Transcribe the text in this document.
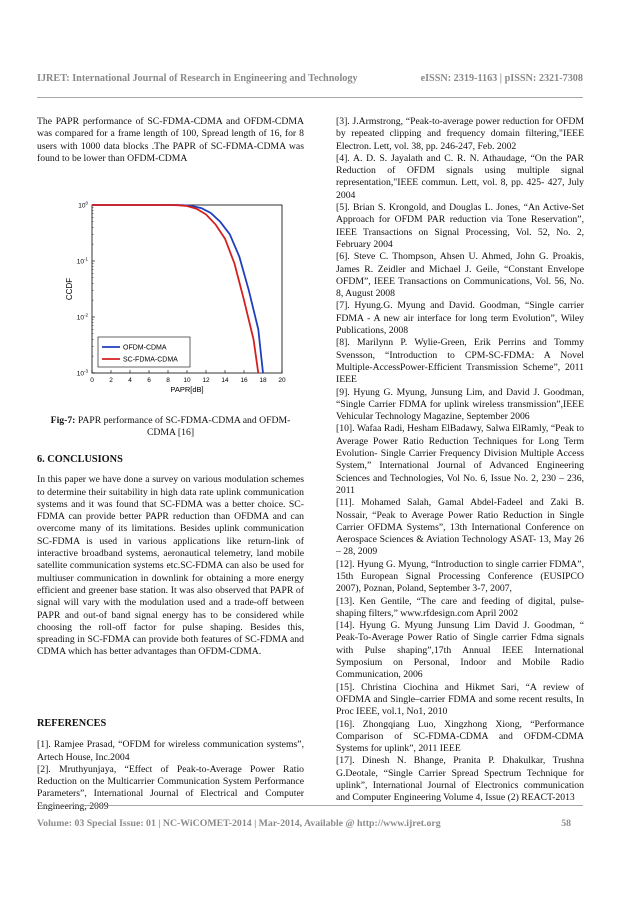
IJRET: International Journal of Research in Engineering and Technology	eISSN: 2319-1163 | pISSN: 2321-7308

The PAPR performance of SC-FDMA-CDMA and OFDM-CDMA was compared for a frame length of 100, Spread length of 16, for 8 users with 1000 data blocks .The PAPR of SC-FDMA-CDMA was found to be lower than OFDM-CDMA

0 2 4 6 8 10 12 14 16 18 20
$10^0$
$10^{-1}$
$10^{-2}$
$10^{-3}$
PAPR[dB]
CCDF
OFDM-CDMA
SC-FDMA-CDMA
Fig-7: PAPR performance of SC-FDMA-CDMA and OFDM-CDMA [16]

6. CONCLUSIONS

In this paper we have done a survey on various modulation schemes to determine their suitability in high data rate uplink communication systems and it was found that SC-FDMA was a better choice. SC-FDMA can provide better PAPR reduction than OFDMA and can overcome many of its limitations. Besides uplink communication SC-FDMA is used in various applications like return-link of interactive broadband systems, aeronautical telemetry, land mobile satellite communication systems etc.SC-FDMA can also be used for multiuser communication in downlink for obtaining a more energy efficient and greener base station. It was also observed that PAPR of signal will vary with the modulation used and a trade-off between PAPR and out-of band signal energy has to be considered while choosing the roll-off factor for pulse shaping. Besides this, spreading in SC-FDMA can provide both features of SC-FDMA and CDMA which has better advantages than OFDM-CDMA.

REFERENCES

[1]. Ramjee Prasad, “OFDM for wireless communication systems”, Artech House, Inc.2004

[2]. Mruthyunjaya, “Effect of Peak-to-Average Power Ratio Reduction on the Multicarrier Communication System Performance Parameters”, International Journal of Electrical and Computer Engineering, 2009

[3]. J.Armstrong, “Peak-to-average power reduction for OFDM by repeated clipping and frequency domain filtering,"IEEE Electron. Lett, vol. 38, pp. 246-247, Feb. 2002

[4]. A. D. S. Jayalath and C. R. N. Athaudage, “On the PAR Reduction of OFDM signals using multiple signal representation,"IEEE commun. Lett, vol. 8, pp. 425- 427, July 2004

[5]. Brian S. Krongold, and Douglas L. Jones, “An Active-Set Approach for OFDM PAR reduction via Tone Reservation”, IEEE Transactions on Signal Processing, Vol. 52, No. 2, February 2004

[6]. Steve C. Thompson, Ahsen U. Ahmed, John G. Proakis, James R. Zeidler and Michael J. Geile, “Constant Envelope OFDM”, IEEE Transactions on Communications, Vol. 56, No. 8, August 2008

[7]. Hyung.G. Myung and David. Goodman, “Single carrier FDMA - A new air interface for long term Evolution”, Wiley Publications, 2008

[8]. Marilynn P. Wylie-Green, Erik Perrins and Tommy Svensson, “Introduction to CPM-SC-FDMA: A Novel Multiple-AccessPower-Efficient Transmission Scheme”, 2011 IEEE

[9]. Hyung G. Myung, Junsung Lim, and David J. Goodman, “Single Carrier FDMA for uplink wireless transmission”,IEEE Vehicular Technology Magazine, September 2006

[10]. Wafaa Radi, Hesham ElBadawy, Salwa ElRamly, “Peak to Average Power Ratio Reduction Techniques for Long Term Evolution- Single Carrier Frequency Division Multiple Access System,” International Journal of Advanced Engineering Sciences and Technologies, Vol No. 6, Issue No. 2, 230 – 236, 2011

[11]. Mohamed Salah, Gamal Abdel-Fadeel and Zaki B. Nossair, “Peak to Average Power Ratio Reduction in Single Carrier OFDMA Systems”, 13th International Conference on Aerospace Sciences & Aviation Technology ASAT- 13, May 26 – 28, 2009

[12]. Hyung G. Myung, “Introduction to single carrier FDMA”, 15th European Signal Processing Conference (EUSIPCO 2007), Poznan, Poland, September 3-7, 2007,

[13]. Ken Gentile, “The care and feeding of digital, pulse-shaping filters,” www.rfdesign.com April 2002

[14]. Hyung G. Myung Junsung Lim David J. Goodman, “ Peak-To-Average Power Ratio of Single carrier Fdma signals with Pulse shaping”,17th Annual IEEE International Symposium on Personal, Indoor and Mobile Radio Communication, 2006

[15]. Christina Ciochina and Hikmet Sari, “A review of OFDMA and Single–carrier FDMA and some recent results, In Proc IEEE, vol.1, No1, 2010

[16]. Zhongqiang Luo, Xingzhong Xiong, “Performance Comparison of SC-FDMA-CDMA and OFDM-CDMA Systems for uplink”, 2011 IEEE

[17]. Dinesh N. Bhange, Pranita P. Dhakulkar, Trushna G.Deotale, “Single Carrier Spread Spectrum Technique for uplink”, International Journal of Electronics communication and Computer Engineering Volume 4, Issue (2) REACT-2013

Volume: 03 Special Issue: 01 | NC-WiCOMET-2014 | Mar-2014, Available @ http://www.ijret.org	58
